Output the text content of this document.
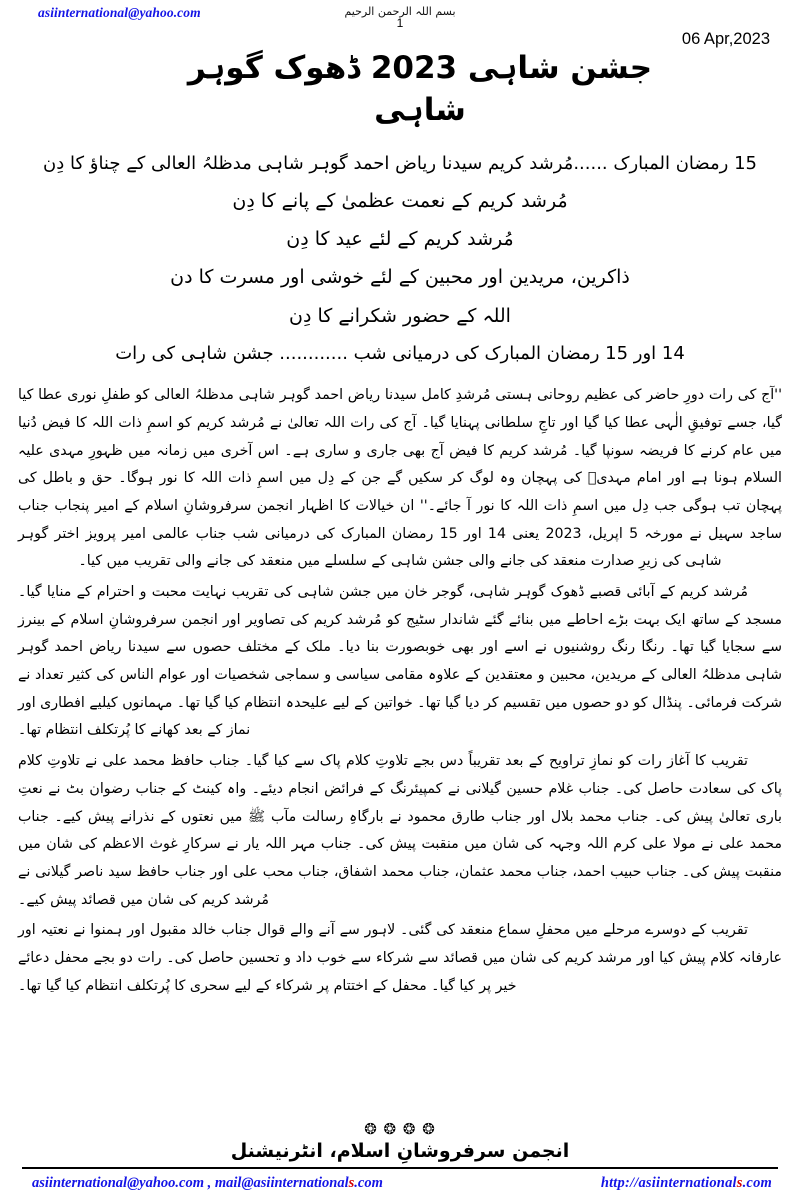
asiinternational@yahoo.com	بسم اللہ الرحمن الرحیم
1
06 Apr,2023
جشن شاہی 2023 ڈھوک گوہر شاہی
15 رمضان المبارک ......مُرشد کریم سیدنا ریاض احمد گوہر شاہی مدظلہُ العالی کے چناؤ کا دِن
مُرشد کریم کے نعمت عظمیٰ کے پانے کا دِن
مُرشد کریم کے لئے عید کا دِن
ذاکرین، مریدین اور محبین کے لئے خوشی اور مسرت کا دن
اللہ کے حضور شکرانے کا دِن
14 اور 15 رمضان المبارک کی درمیانی شب ............ جشن شاہی کی رات

''آج کی رات دورِ حاضر کی عظیم روحانی ہستی مُرشدِ کامل سیدنا ریاض احمد گوہر شاہی مدظلہُ العالی کو طفلِ نوری عطا کیا گیا، جسے توفیقِ الٰہی عطا کیا گیا اور تاجِ سلطانی پہنایا گیا۔ آج کی رات اللہ تعالیٰ نے مُرشد کریم کو اسمِ ذات اللہ کا فیض دُنیا میں عام کرنے کا فریضہ سونپا گیا۔ مُرشد کریم کا فیض آج بھی جاری و ساری ہے۔ اس آخری میں زمانہ میں ظہورِ مہدی علیہ السلام ہونا ہے اور امام مہدیؑ کی پہچان وہ لوگ کر سکیں گے جن کے دِل میں اسمِ ذات اللہ کا نور ہوگا۔ حق و باطل کی پہچان تب ہوگی جب دِل میں اسمِ ذات اللہ کا نور آ جائے۔'' ان خیالات کا اظہار انجمن سرفروشانِ اسلام کے امیر پنجاب جناب ساجد سہیل نے مورخہ 5 اپریل، 2023 یعنی 14 اور 15 رمضان المبارک کی درمیانی شب جناب عالمی امیر پرویز اختر گوہر شاہی کی زیرِ صدارت منعقد کی جانے والی جشن شاہی کے سلسلے میں منعقد کی جانے والی تقریب میں کیا۔

مُرشد کریم کے آبائی قصبے ڈھوک گوہر شاہی، گوجر خان میں جشن شاہی کی تقریب نہایت محبت و احترام کے منایا گیا۔ مسجد کے ساتھ ایک بہت بڑے احاطے میں بنائے گئے شاندار سٹیج کو مُرشد کریم کی تصاویر اور انجمن سرفروشانِ اسلام کے بینرز سے سجایا گیا تھا۔ رنگا رنگ روشنیوں نے اسے اور بھی خوبصورت بنا دیا۔ ملک کے مختلف حصوں سے سیدنا ریاض احمد گوہر شاہی مدظلہُ العالی کے مریدین، محبین و معتقدین کے علاوہ مقامی سیاسی و سماجی شخصیات اور عوام الناس کی کثیر تعداد نے شرکت فرمائی۔ پنڈال کو دو حصوں میں تقسیم کر دیا گیا تھا۔ خواتین کے لیے علیحدہ انتظام کیا گیا تھا۔ مہمانوں کیلیے افطاری اور نماز کے بعد کھانے کا پُرتکلف انتظام تھا۔

تقریب کا آغاز رات کو نمازِ تراویح کے بعد تقریباً دس بجے تلاوتِ کلام پاک سے کیا گیا۔ جناب حافظ محمد علی نے تلاوتِ کلام پاک کی سعادت حاصل کی۔ جناب غلام حسین گیلانی نے کمپیئرنگ کے فرائض انجام دیئے۔ واہ کینٹ کے جناب رضوان بٹ نے نعتِ باری تعالیٰ پیش کی۔ جناب محمد بلال اور جناب طارق محمود نے بارگاہِ رسالت مآب ﷺ میں نعتوں کے نذرانے پیش کیے۔ جناب محمد علی نے مولا علی کرم اللہ وجہہ کی شان میں منقبت پیش کی۔ جناب مہر اللہ یار نے سرکارِ غوث الاعظم کی شان میں منقبت پیش کی۔ جناب حبیب احمد، جناب محمد عثمان، جناب محمد اشفاق، جناب محب علی اور جناب حافظ سید ناصر گیلانی نے مُرشد کریم کی شان میں قصائد پیش کیے۔

تقریب کے دوسرے مرحلے میں محفلِ سماع منعقد کی گئی۔ لاہور سے آنے والے قوال جناب خالد مقبول اور ہمنوا نے نعتیہ اور عارفانہ کلام پیش کیا اور مرشد کریم کی شان میں قصائد سے شرکاء سے خوب داد و تحسین حاصل کی۔ رات دو بجے محفل دعائے خیر پر کیا گیا۔ محفل کے اختتام پر شرکاء کے لیے سحری کا پُرتکلف انتظام کیا گیا تھا۔

❂ ❂ ❂ ❂
انجمن سرفروشانِ اسلام، انٹرنیشنل
asiinternational@yahoo.com , mail@asiinternationals.com	http://asiinternationals.com
